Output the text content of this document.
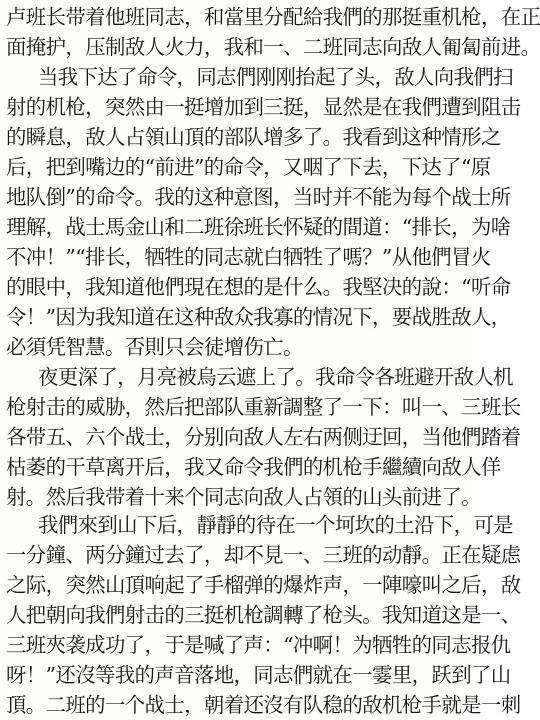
卢班长带着他班同志，和當里分配給我們的那挺重机枪，在正
面掩护，压制敌人火力，我和一、二班同志向敌人匍匐前进。
当我下达了命令，同志們刚刚抬起了头，敌人向我們扫
射的机枪，突然由一挺增加到三挺，显然是在我們遭到阻击
的瞬息，敌人占領山頂的部队增多了。我看到这种情形之
后，把到嘴边的“前进”的命令，又咽了下去，下达了“原
地队倒”的命令。我的这种意图，当时并不能为每个战士所
理解，战士馬金山和二班徐班长怀疑的間道：“排长，为啥
不冲！”“排长，牺牲的同志就白牺牲了嗎？”从他們冒火
的眼中，我知道他們現在想的是什么。我堅决的說：“听命
令！”因为我知道在这种敌众我寡的情况下，要战胜敌人，
必須凭智慧。否則只会徒增伤亡。
夜更深了，月亮被烏云遮上了。我命令各班避开敌人机
枪射击的威胁，然后把部队重新調整了一下：叫一、三班长
各带五、六个战士，分别向敌人左右两侧迂回，当他們踏着
枯萎的干草离开后，我又命令我們的机枪手繼續向敌人佯
射。然后我带着十来个同志向敌人占領的山头前进了。
我們來到山下后，靜靜的待在一个坷坎的土沿下，可是
一分鐘、两分鐘过去了，却不見一、三班的动靜。正在疑虑
之际，突然山頂响起了手榴弹的爆炸声，一陣嚎叫之后，敌
人把朝向我們射击的三挺机枪調轉了枪头。我知道这是一、
三班夾袭成功了，于是喊了声：“冲啊！为牺牲的同志报仇
呀！”还沒等我的声音落地，同志們就在一霎里，跃到了山
頂。二班的一个战士，朝着还沒有队稳的敌机枪手就是一刺
